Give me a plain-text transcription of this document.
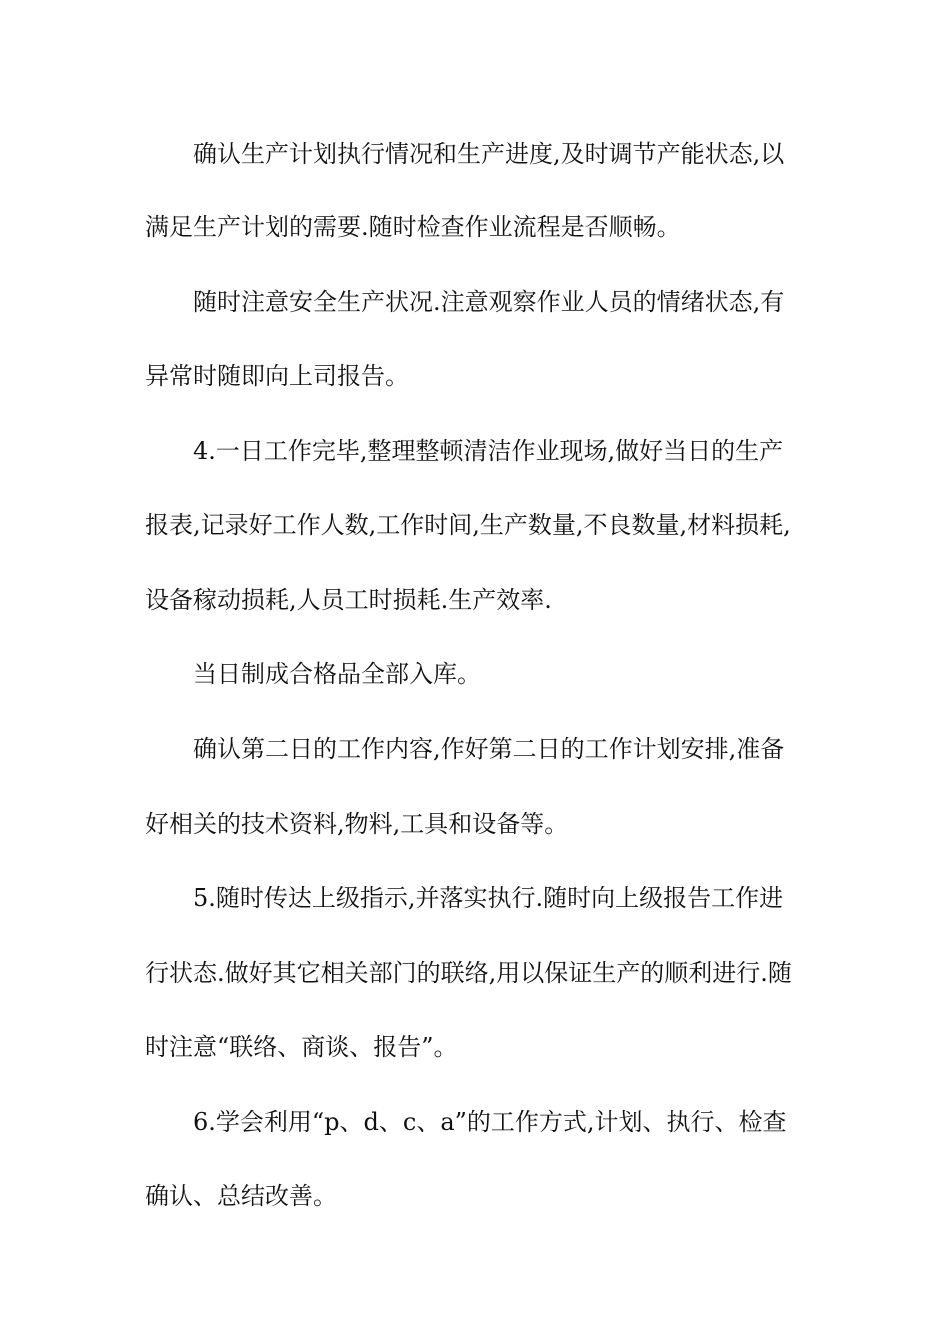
确认生产计划执行情况和生产进度,及时调节产能状态,以
满足生产计划的需要.随时检查作业流程是否顺畅。
随时注意安全生产状况.注意观察作业人员的情绪状态,有
异常时随即向上司报告。
4.一日工作完毕,整理整顿清洁作业现场,做好当日的生产
报表,记录好工作人数,工作时间,生产数量,不良数量,材料损耗,
设备稼动损耗,人员工时损耗.生产效率.
当日制成合格品全部入库。
确认第二日的工作内容,作好第二日的工作计划安排,准备
好相关的技术资料,物料,工具和设备等。
5.随时传达上级指示,并落实执行.随时向上级报告工作进
行状态.做好其它相关部门的联络,用以保证生产的顺利进行.随
时注意“联络、商谈、报告”。
6.学会利用“p、d、c、a”的工作方式,计划、执行、检查
确认、总结改善。
